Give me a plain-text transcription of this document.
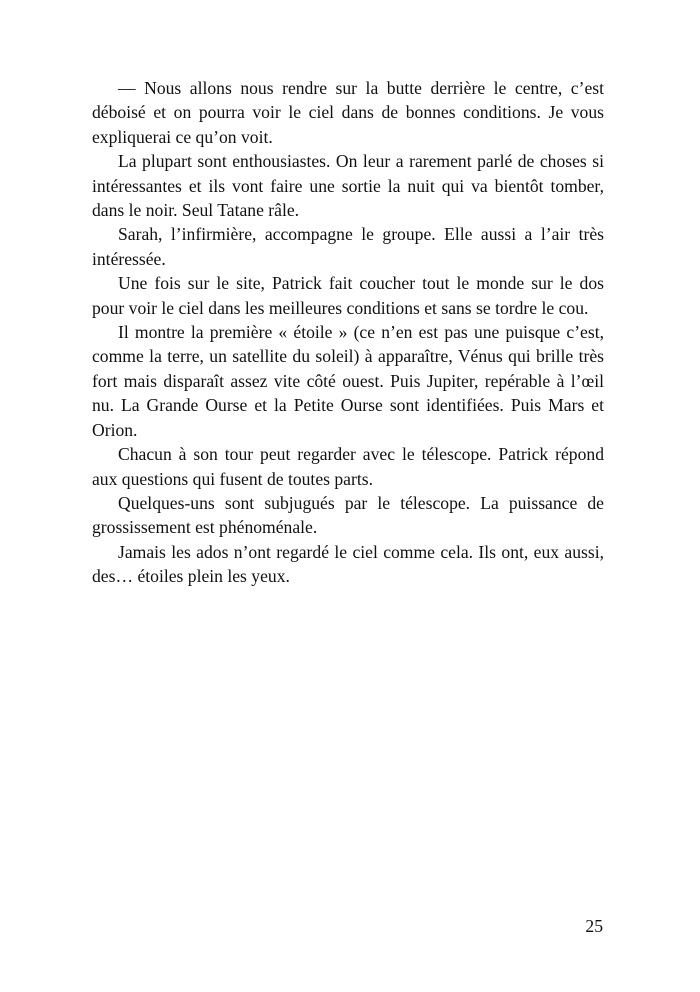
— Nous allons nous rendre sur la butte derrière le centre, c’est déboisé et on pourra voir le ciel dans de bonnes conditions. Je vous expliquerai ce qu’on voit.

La plupart sont enthousiastes. On leur a rarement parlé de choses si intéressantes et ils vont faire une sortie la nuit qui va bientôt tomber, dans le noir. Seul Tatane râle.

Sarah, l’infirmière, accompagne le groupe. Elle aussi a l’air très intéressée.

Une fois sur le site, Patrick fait coucher tout le monde sur le dos pour voir le ciel dans les meilleures conditions et sans se tordre le cou.

Il montre la première « étoile » (ce n’en est pas une puisque c’est, comme la terre, un satellite du soleil) à apparaître, Vénus qui brille très fort mais disparaît assez vite côté ouest. Puis Jupiter, repérable à l’œil nu. La Grande Ourse et la Petite Ourse sont identifiées. Puis Mars et Orion.

Chacun à son tour peut regarder avec le télescope. Patrick répond aux questions qui fusent de toutes parts.

Quelques-uns sont subjugués par le télescope. La puissance de grossissement est phénoménale.

Jamais les ados n’ont regardé le ciel comme cela. Ils ont, eux aussi, des… étoiles plein les yeux.

25
